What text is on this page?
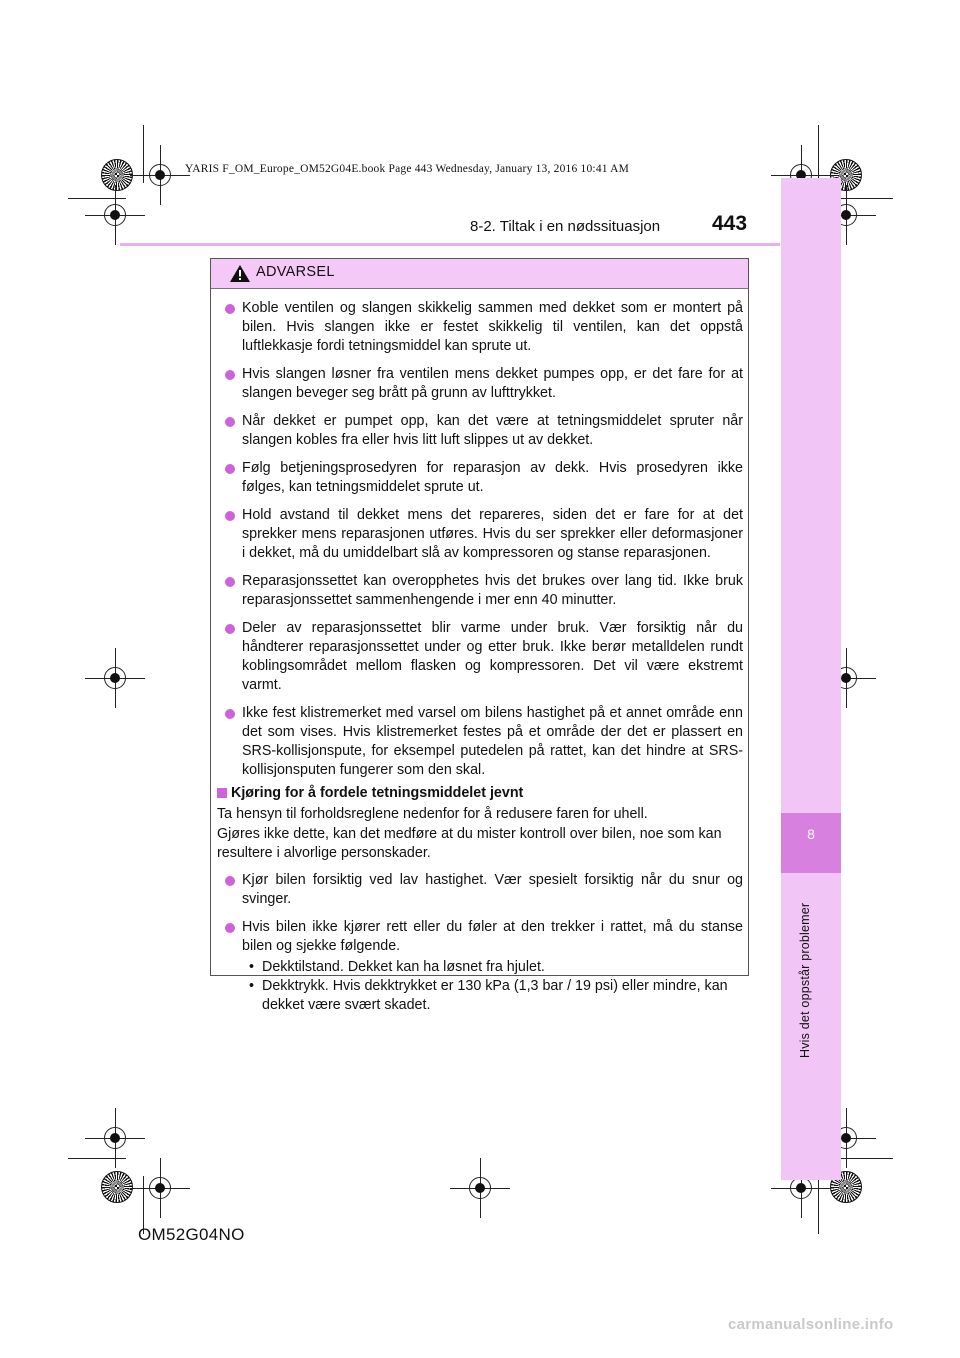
YARIS F_OM_Europe_OM52G04E.book Page 443 Wednesday, January 13, 2016 10:41 AM
8-2. Tiltak i en nødssituasjon 443
8
Hvis det oppstår problemer
ADVARSEL
Koble ventilen og slangen skikkelig sammen med dekket som er montert på bilen. Hvis slangen ikke er festet skikkelig til ventilen, kan det oppstå luftlekkasje fordi tetningsmiddel kan sprute ut.
Hvis slangen løsner fra ventilen mens dekket pumpes opp, er det fare for at slangen beveger seg brått på grunn av lufttrykket.
Når dekket er pumpet opp, kan det være at tetningsmiddelet spruter når slangen kobles fra eller hvis litt luft slippes ut av dekket.
Følg betjeningsprosedyren for reparasjon av dekk. Hvis prosedyren ikke følges, kan tetningsmiddelet sprute ut.
Hold avstand til dekket mens det repareres, siden det er fare for at det sprekker mens reparasjonen utføres. Hvis du ser sprekker eller deformasjoner i dekket, må du umiddelbart slå av kompressoren og stanse reparasjonen.
Reparasjonssettet kan overopphetes hvis det brukes over lang tid. Ikke bruk reparasjonssettet sammenhengende i mer enn 40 minutter.
Deler av reparasjonssettet blir varme under bruk. Vær forsiktig når du håndterer reparasjonssettet under og etter bruk. Ikke berør metalldelen rundt koblingsområdet mellom flasken og kompressoren. Det vil være ekstremt varmt.
Ikke fest klistremerket med varsel om bilens hastighet på et annet område enn det som vises. Hvis klistremerket festes på et område der det er plassert en SRS-kollisjonspute, for eksempel putedelen på rattet, kan det hindre at SRS-kollisjonsputen fungerer som den skal.
Kjøring for å fordele tetningsmiddelet jevnt
Ta hensyn til forholdsreglene nedenfor for å redusere faren for uhell.
Gjøres ikke dette, kan det medføre at du mister kontroll over bilen, noe som kan resultere i alvorlige personskader.
Kjør bilen forsiktig ved lav hastighet. Vær spesielt forsiktig når du snur og svinger.
Hvis bilen ikke kjører rett eller du føler at den trekker i rattet, må du stanse bilen og sjekke følgende.
• Dekktilstand. Dekket kan ha løsnet fra hjulet.
• Dekktrykk. Hvis dekktrykket er 130 kPa (1,3 bar / 19 psi) eller mindre, kan dekket være svært skadet.
OM52G04NO
carmanualsonline.info
